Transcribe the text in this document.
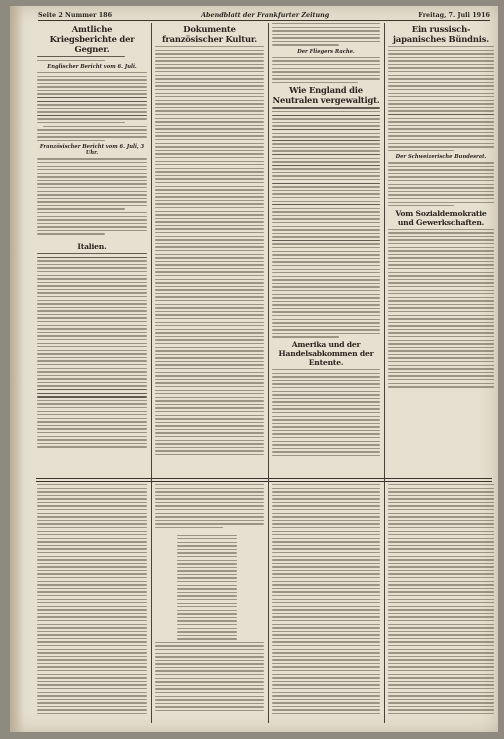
Seite 2 Nummer 186	Abendblatt der Frankfurter Zeitung	Freitag, 7. Juli 1916
Amtliche Kriegsberichte der Gegner.
Englischer Bericht vom 6. Juli.
Französischer Bericht vom 6. Juli, 3 Uhr.
Italien.
Dokumente französischer Kultur.
Der Fliegers Rache.
Wie England die Neutralen vergewaltigt.
Amerika und der Handelsabkommen der Entente.
Ein russisch-japanisches Bündnis.
Der Schweizerische Bundesrat.
Vom Sozialdemokratie und Gewerkschaften.
